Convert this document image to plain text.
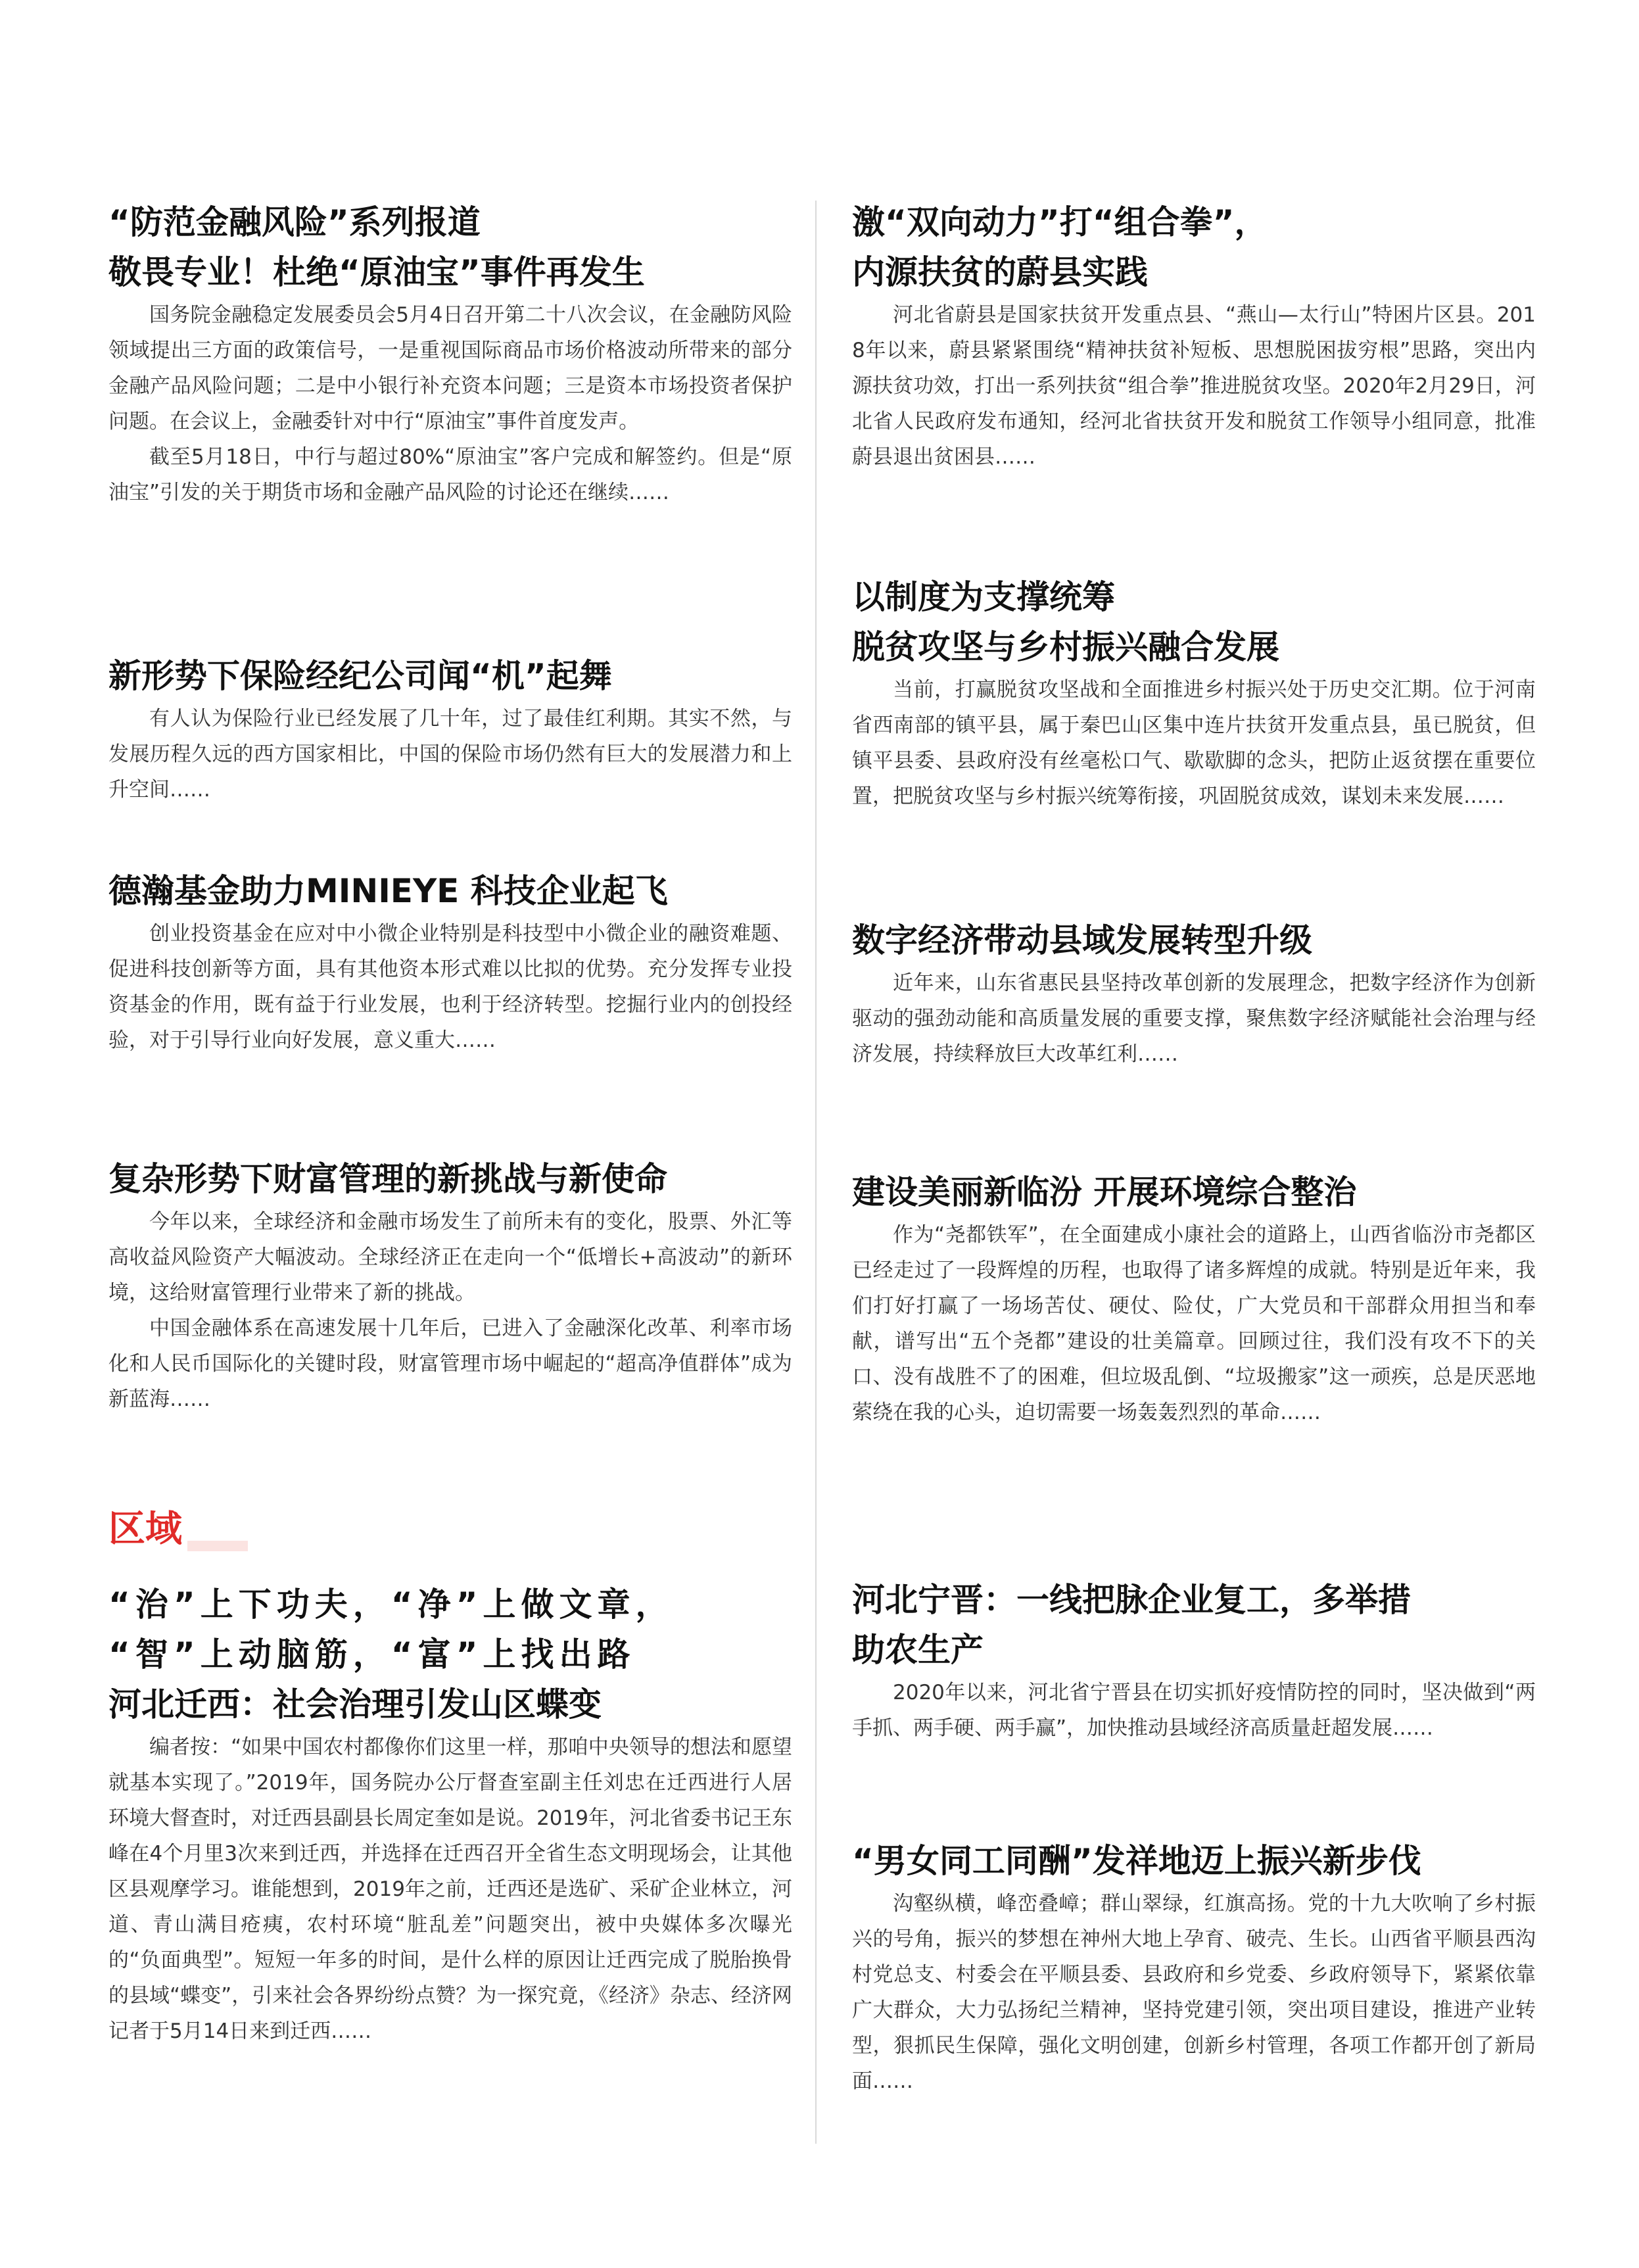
“防范金融风险”系列报道
敬畏专业！杜绝“原油宝”事件再发生

国务院金融稳定发展委员会5月4日召开第二十八次会议，在金融防风险领域提出三方面的政策信号，一是重视国际商品市场价格波动所带来的部分金融产品风险问题；二是中小银行补充资本问题；三是资本市场投资者保护问题。在会议上，金融委针对中行“原油宝”事件首度发声。

截至5月18日，中行与超过80%“原油宝”客户完成和解签约。但是“原油宝”引发的关于期货市场和金融产品风险的讨论还在继续……

新形势下保险经纪公司闻“机”起舞

有人认为保险行业已经发展了几十年，过了最佳红利期。其实不然，与发展历程久远的西方国家相比，中国的保险市场仍然有巨大的发展潜力和上升空间……

德瀚基金助力MINIEYE 科技企业起飞

创业投资基金在应对中小微企业特别是科技型中小微企业的融资难题、促进科技创新等方面，具有其他资本形式难以比拟的优势。充分发挥专业投资基金的作用，既有益于行业发展，也利于经济转型。挖掘行业内的创投经验，对于引导行业向好发展，意义重大……

复杂形势下财富管理的新挑战与新使命

今年以来，全球经济和金融市场发生了前所未有的变化，股票、外汇等高收益风险资产大幅波动。全球经济正在走向一个“低增长+高波动”的新环境，这给财富管理行业带来了新的挑战。

中国金融体系在高速发展十几年后，已进入了金融深化改革、利率市场化和人民币国际化的关键时段，财富管理市场中崛起的“超高净值群体”成为新蓝海……

区域
“治”上下功夫，“净”上做文章，
“智”上动脑筋，“富”上找出路
河北迁西：社会治理引发山区蝶变

编者按：“如果中国农村都像你们这里一样，那咱中央领导的想法和愿望就基本实现了。”2019年，国务院办公厅督查室副主任刘忠在迁西进行人居环境大督查时，对迁西县副县长周定奎如是说。2019年，河北省委书记王东峰在4个月里3次来到迁西，并选择在迁西召开全省生态文明现场会，让其他区县观摩学习。谁能想到，2019年之前，迁西还是选矿、采矿企业林立，河道、青山满目疮痍，农村环境“脏乱差”问题突出，被中央媒体多次曝光的“负面典型”。短短一年多的时间，是什么样的原因让迁西完成了脱胎换骨的县域“蝶变”，引来社会各界纷纷点赞？为一探究竟，《经济》杂志、经济网记者于5月14日来到迁西……

激“双向动力”打“组合拳”，
内源扶贫的蔚县实践

河北省蔚县是国家扶贫开发重点县、“燕山—太行山”特困片区县。2018年以来，蔚县紧紧围绕“精神扶贫补短板、思想脱困拔穷根”思路，突出内源扶贫功效，打出一系列扶贫“组合拳”推进脱贫攻坚。2020年2月29日，河北省人民政府发布通知，经河北省扶贫开发和脱贫工作领导小组同意，批准蔚县退出贫困县……

以制度为支撑统筹
脱贫攻坚与乡村振兴融合发展

当前，打赢脱贫攻坚战和全面推进乡村振兴处于历史交汇期。位于河南省西南部的镇平县，属于秦巴山区集中连片扶贫开发重点县，虽已脱贫，但镇平县委、县政府没有丝毫松口气、歇歇脚的念头，把防止返贫摆在重要位置，把脱贫攻坚与乡村振兴统筹衔接，巩固脱贫成效，谋划未来发展……

数字经济带动县域发展转型升级

近年来，山东省惠民县坚持改革创新的发展理念，把数字经济作为创新驱动的强劲动能和高质量发展的重要支撑，聚焦数字经济赋能社会治理与经济发展，持续释放巨大改革红利……

建设美丽新临汾 开展环境综合整治

作为“尧都铁军”，在全面建成小康社会的道路上，山西省临汾市尧都区已经走过了一段辉煌的历程，也取得了诸多辉煌的成就。特别是近年来，我们打好打赢了一场场苦仗、硬仗、险仗，广大党员和干部群众用担当和奉献，谱写出“五个尧都”建设的壮美篇章。回顾过往，我们没有攻不下的关口、没有战胜不了的困难，但垃圾乱倒、“垃圾搬家”这一顽疾，总是厌恶地萦绕在我的心头，迫切需要一场轰轰烈烈的革命……

河北宁晋：一线把脉企业复工，多举措
助农生产

2020年以来，河北省宁晋县在切实抓好疫情防控的同时，坚决做到“两手抓、两手硬、两手赢”，加快推动县域经济高质量赶超发展……

“男女同工同酬”发祥地迈上振兴新步伐

沟壑纵横，峰峦叠嶂；群山翠绿，红旗高扬。党的十九大吹响了乡村振兴的号角，振兴的梦想在神州大地上孕育、破壳、生长。山西省平顺县西沟村党总支、村委会在平顺县委、县政府和乡党委、乡政府领导下，紧紧依靠广大群众，大力弘扬纪兰精神，坚持党建引领，突出项目建设，推进产业转型，狠抓民生保障，强化文明创建，创新乡村管理，各项工作都开创了新局面……
